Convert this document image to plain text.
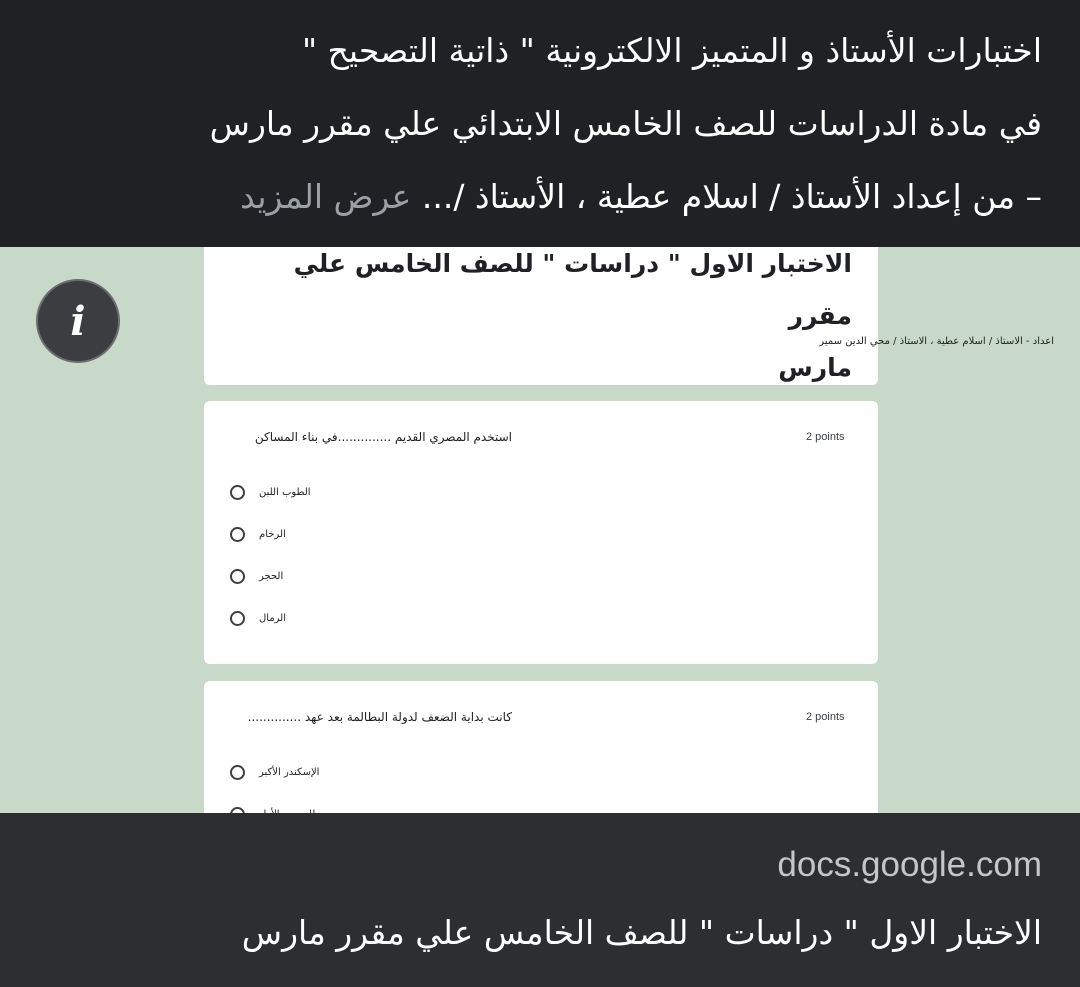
الاختبار الاول " دراسات " للصف الخامس علي مقرر
مارس
اعداد - الاستاذ / اسلام عطية ، الاستاذ / محي الدين سمير
2 points
استخدم المصري القديم ..............في بناء المساكن
الطوب اللبن
الرخام
الحجر
الرمال
2 points
كانت بداية الضعف لدولة البطالمة بعد عهد ..............
الإسكندر الأكبر
i
اختبارات الأستاذ و المتميز الالكترونية " ذاتية التصحيح "
في مادة الدراسات للصف الخامس الابتدائي علي مقرر مارس
– من إعداد الأستاذ / اسلام عطية ، الأستاذ /... عرض المزيد
docs.google.com
الاختبار الاول " دراسات " للصف الخامس علي مقرر مارس
